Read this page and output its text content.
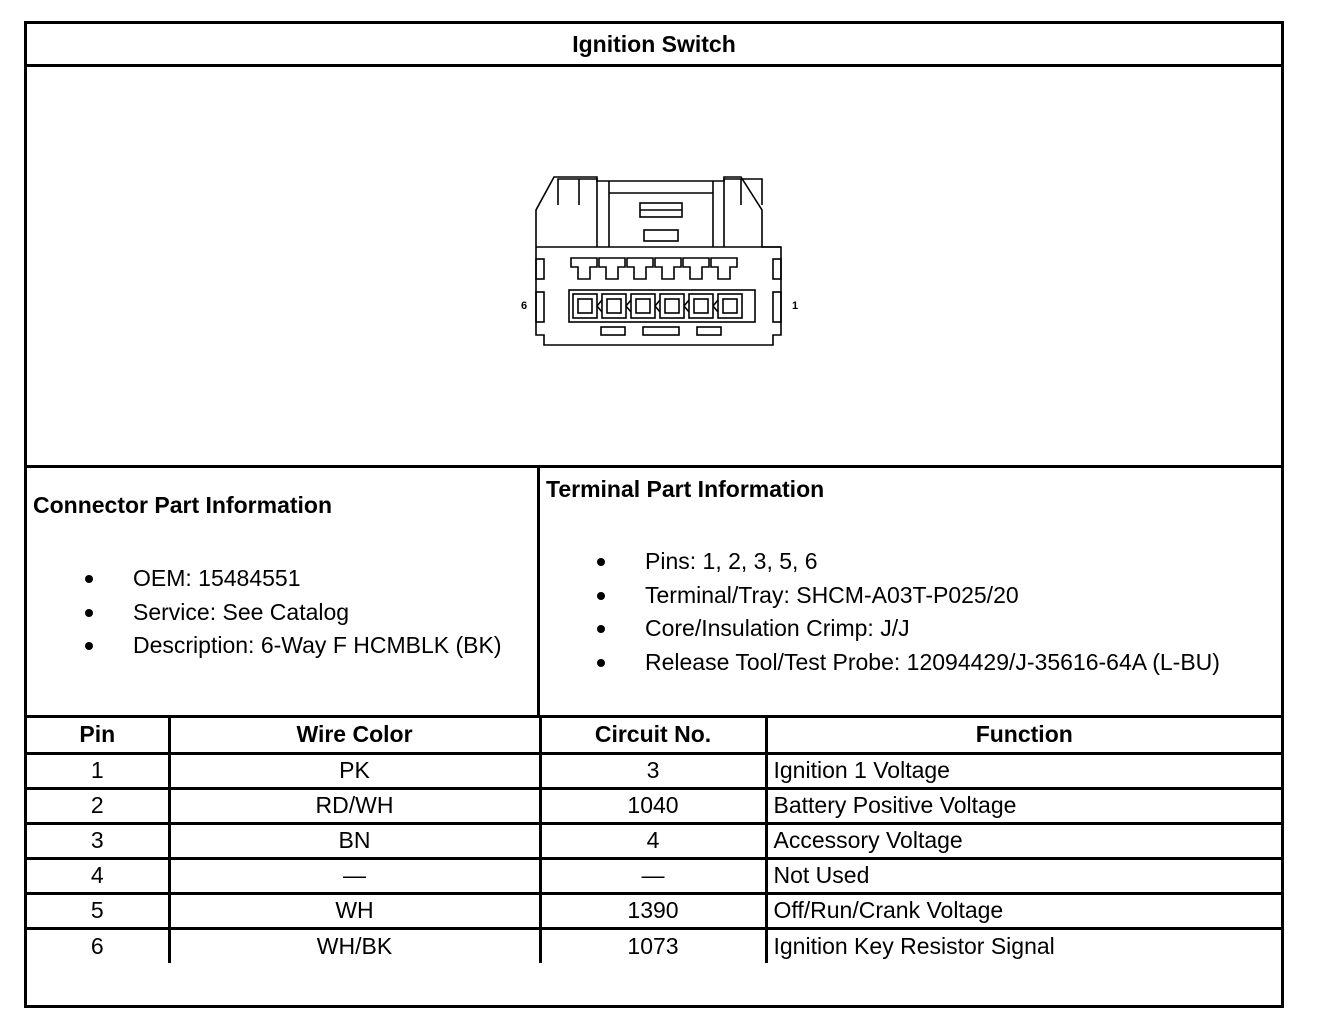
Ignition Switch
6	1
Connector Part Information
OEM: 15484551
Service: See Catalog
Description: 6-Way F HCMBLK (BK)
Terminal Part Information
Pins: 1, 2, 3, 5, 6
Terminal/Tray: SHCM-A03T-P025/20
Core/Insulation Crimp: J/J
Release Tool/Test Probe: 12094429/J-35616-64A (L-BU)
Pin	Wire Color	Circuit No.	Function
1	PK	3	Ignition 1 Voltage
2	RD/WH	1040	Battery Positive Voltage
3	BN	4	Accessory Voltage
4	—	—	Not Used
5	WH	1390	Off/Run/Crank Voltage
6	WH/BK	1073	Ignition Key Resistor Signal
